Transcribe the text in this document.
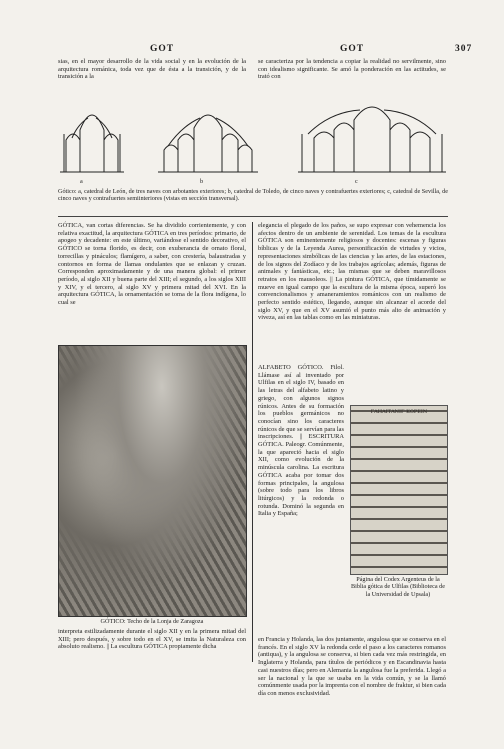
GOT	GOT	307
sias, en el mayor desarrollo de la vida social y en la evolución de la arquitectura románica, toda vez que de ésta a la transición, y de la transición a la
se caracteriza por la tendencia a copiar la realidad no servilmente, sino con idealismo significante. Se amó la ponderación en las actitudes, se trató con
a	b	c
Gótico: a, catedral de León, de tres naves con arbotantes exteriores; b, catedral de Toledo, de cinco naves y contrafuertes exteriores; c, catedral de Sevilla, de cinco naves y contrafuertes semiinteriores (vistas en sección transversal).
GÓTICA, van cortas diferencias. Se ha dividido corrientemente, y con relativa exactitud, la arquitectura GÓTICA en tres períodos: primario, de apogeo y decadente: en este último, variándose el sentido decorativo, el GÓTICO se torna florido, es decir, con exuberancia de ornato floral, torrecillas y pináculos; flamígero, a saber, con crestería, balaustradas y contornos en forma de llamas ondulantes que se enlazan y cruzan. Corresponden aproximadamente y de una manera global: el primer período, al siglo XII y buena parte del XIII; el segundo, a los siglos XIII y XIV, y el tercero, al siglo XV y primera mitad del XVI. En la arquitectura GÓTICA, la ornamentación se toma de la flora indígena, lo cual se
GÓTICO: Techo de la Lonja de Zaragoza
interpreta estilizadamente durante el siglo XII y en la primera mitad del XIII; pero después, y sobre todo en el XV, se imita la Naturaleza con absoluto realismo. || La escultura GÓTICA propiamente dicha
elegancia el plegado de los paños, se supo expresar con vehemencia los afectos dentro de un ambiente de serenidad. Los temas de la escultura GÓTICA son eminentemente religiosos y docentes: escenas y figuras bíblicas y de la Leyenda Aurea, personificación de virtudes y vicios, representaciones simbólicas de las ciencias y las artes, de las estaciones, de los signos del Zodíaco y de los trabajos agrícolas; además, figuras de animales y fantásticas, etc.; las mismas que se deben maravillosos retratos en los mausoleos. || La pintura GÓTICA, que tímidamente se mueve en igual campo que la escultura de la misma época, superó los convencionalismos y amaneramientos románicos con un realismo de perfecto sentido estético, llegando, aunque sin alcanzar el acorde del siglo XV, y que en el XV asumió el punto más alto de animación y viveza, así en las tablas como en las miniaturas.
ALFABETO GÓTICO. Filol. Llámase así al inventado por Ulfilas en el siglo IV, basado en las letras del alfabeto latino y griego, con algunos signos rúnicos. Antes de su formación los pueblos germánicos no conocían sino los caracteres rúnicos de que se servían para las inscripciones. || ESCRITURA GÓTICA. Paleogr. Comúnmente, la que apareció hacia el siglo XII, como evolución de la minúscula carolina. La escritura GÓTICA acaba por tomar dos formas principales, la angulosa (sobre todo para los libros litúrgicos) y la redonda o rotunda. Dominó la segunda en Italia y España;
ΓΑΗΑΙΤΑΝΙΓ ΚΟΡΕΙΝ
Página del Codex Argenteus de la Biblia gótica de Ulfilas (Biblioteca de la Universidad de Upsala)
en Francia y Holanda, las dos juntamente, angulosa que se conserva en el francés. En el siglo XV la redonda cede el paso a los caracteres romanos (antiqua), y la angulosa se conserva, si bien cada vez más restringida, en Inglaterra y Holanda, para títulos de periódicos y en Escandinavia hasta casi nuestros días; pero en Alemania la angulosa fue la preferida. Llegó a ser la nacional y la que se usaba en la vida común, y se la llamó comúnmente usada por la imprenta con el nombre de fraktur, si bien cada día con menos exclusividad.
